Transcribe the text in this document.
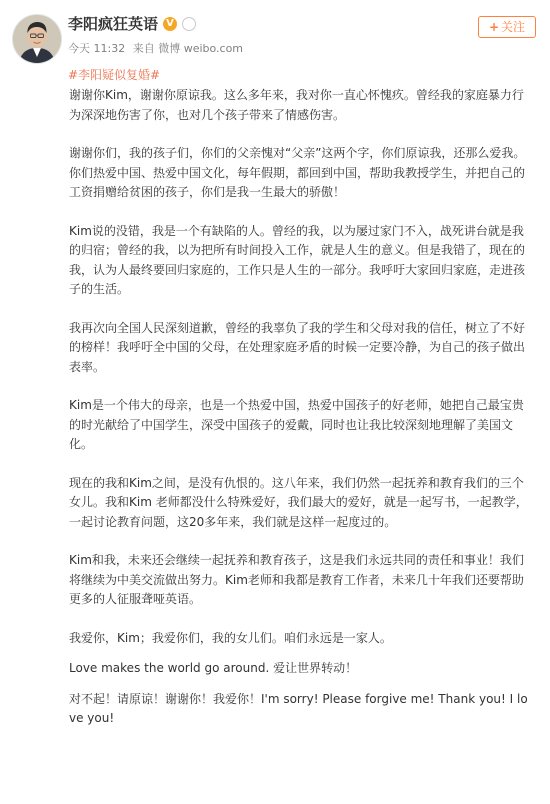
李阳疯狂英语 V
今天 11:32 来自 微博 weibo.com
+ 关注
#李阳疑似复婚#

谢谢你Kim，谢谢你原谅我。这么多年来，我对你一直心怀愧疚。曾经我的家庭暴力行为深深地伤害了你，也对几个孩子带来了情感伤害。

谢谢你们，我的孩子们，你们的父亲愧对“父亲”这两个字，你们原谅我，还那么爱我。你们热爱中国、热爱中国文化，每年假期，都回到中国，帮助我教授学生，并把自己的工资捐赠给贫困的孩子，你们是我一生最大的骄傲！

Kim说的没错，我是一个有缺陷的人。曾经的我，以为屡过家门不入，战死讲台就是我的归宿；曾经的我，以为把所有时间投入工作，就是人生的意义。但是我错了，现在的我，认为人最终要回归家庭的，工作只是人生的一部分。我呼吁大家回归家庭，走进孩子的生活。

我再次向全国人民深刻道歉，曾经的我辜负了我的学生和父母对我的信任，树立了不好的榜样！我呼吁全中国的父母，在处理家庭矛盾的时候一定要冷静，为自己的孩子做出表率。

Kim是一个伟大的母亲，也是一个热爱中国，热爱中国孩子的好老师，她把自己最宝贵的时光献给了中国学生，深受中国孩子的爱戴，同时也让我比较深刻地理解了美国文化。

现在的我和Kim之间，是没有仇恨的。这八年来，我们仍然一起抚养和教育我们的三个女儿。我和Kim 老师都没什么特殊爱好，我们最大的爱好，就是一起写书，一起教学，一起讨论教育问题，这20多年来，我们就是这样一起度过的。

Kim和我，未来还会继续一起抚养和教育孩子，这是我们永远共同的责任和事业！我们将继续为中美交流做出努力。Kim老师和我都是教育工作者，未来几十年我们还要帮助更多的人征服聋哑英语。

我爱你，Kim；我爱你们，我的女儿们。咱们永远是一家人。

Love makes the world go around. 爱让世界转动！

对不起！请原谅！谢谢你！我爱你！I'm sorry! Please forgive me! Thank you! I love you!
